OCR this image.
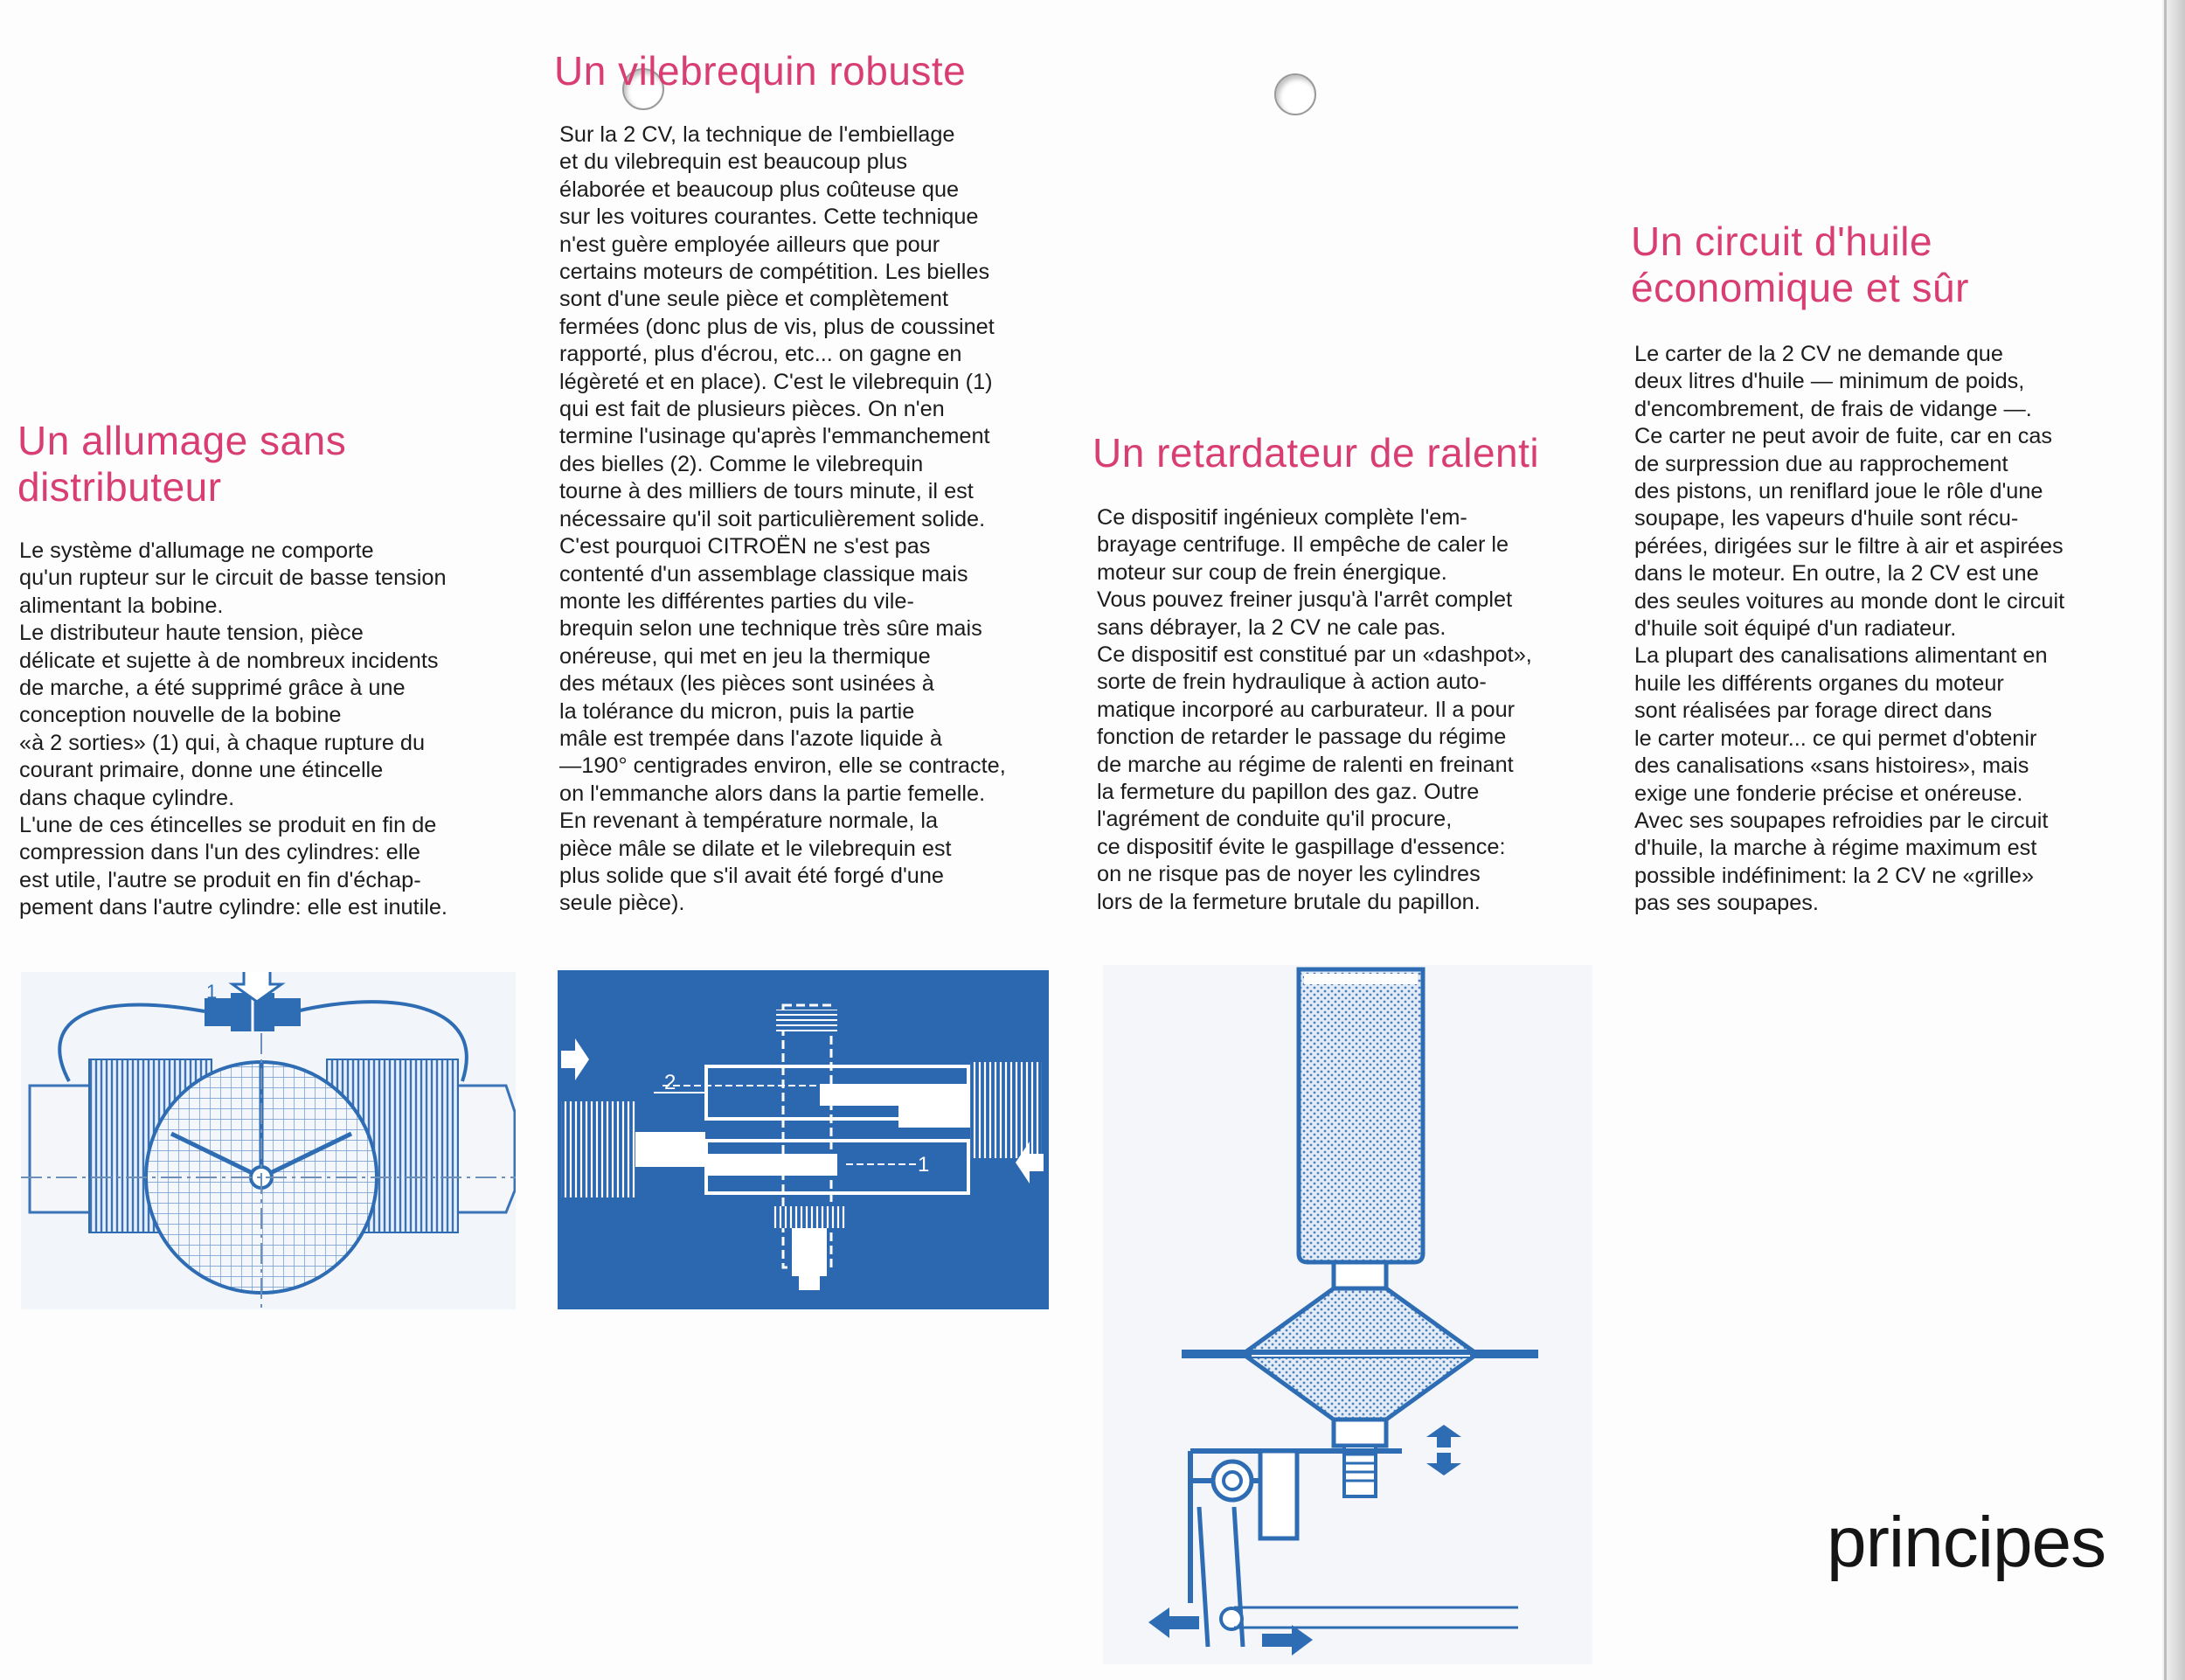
Un allumage sans
distributeur
Le système d'allumage ne comporte
qu'un rupteur sur le circuit de basse tension
alimentant la bobine.
Le distributeur haute tension, pièce
délicate et sujette à de nombreux incidents
de marche, a été supprimé grâce à une
conception nouvelle de la bobine
«à 2 sorties» (1) qui, à chaque rupture du
courant primaire, donne une étincelle
dans chaque cylindre.
L'une de ces étincelles se produit en fin de
compression dans l'un des cylindres: elle
est utile, l'autre se produit en fin d'échap-
pement dans l'autre cylindre: elle est inutile.
1
Un vilebrequin robuste
Sur la 2 CV, la technique de l'embiellage
et du vilebrequin est beaucoup plus
élaborée et beaucoup plus coûteuse que
sur les voitures courantes. Cette technique
n'est guère employée ailleurs que pour
certains moteurs de compétition. Les bielles
sont d'une seule pièce et complètement
fermées (donc plus de vis, plus de coussinet
rapporté, plus d'écrou, etc... on gagne en
légèreté et en place). C'est le vilebrequin (1)
qui est fait de plusieurs pièces. On n'en
termine l'usinage qu'après l'emmanchement
des bielles (2). Comme le vilebrequin
tourne à des milliers de tours minute, il est
nécessaire qu'il soit particulièrement solide.
C'est pourquoi CITROËN ne s'est pas
contenté d'un assemblage classique mais
monte les différentes parties du vile-
brequin selon une technique très sûre mais
onéreuse, qui met en jeu la thermique
des métaux (les pièces sont usinées à
la tolérance du micron, puis la partie
mâle est trempée dans l'azote liquide à
—190° centigrades environ, elle se contracte,
on l'emmanche alors dans la partie femelle.
En revenant à température normale, la
pièce mâle se dilate et le vilebrequin est
plus solide que s'il avait été forgé d'une
seule pièce).
2
1
Un retardateur de ralenti
Ce dispositif ingénieux complète l'em-
brayage centrifuge. Il empêche de caler le
moteur sur coup de frein énergique.
Vous pouvez freiner jusqu'à l'arrêt complet
sans débrayer, la 2 CV ne cale pas.
Ce dispositif est constitué par un «dashpot»,
sorte de frein hydraulique à action auto-
matique incorporé au carburateur. Il a pour
fonction de retarder le passage du régime
de marche au régime de ralenti en freinant
la fermeture du papillon des gaz. Outre
l'agrément de conduite qu'il procure,
ce dispositif évite le gaspillage d'essence:
on ne risque pas de noyer les cylindres
lors de la fermeture brutale du papillon.
Un circuit d'huile
économique et sûr
Le carter de la 2 CV ne demande que
deux litres d'huile — minimum de poids,
d'encombrement, de frais de vidange —.
Ce carter ne peut avoir de fuite, car en cas
de surpression due au rapprochement
des pistons, un reniflard joue le rôle d'une
soupape, les vapeurs d'huile sont récu-
pérées, dirigées sur le filtre à air et aspirées
dans le moteur. En outre, la 2 CV est une
des seules voitures au monde dont le circuit
d'huile soit équipé d'un radiateur.
La plupart des canalisations alimentant en
huile les différents organes du moteur
sont réalisées par forage direct dans
le carter moteur... ce qui permet d'obtenir
des canalisations «sans histoires», mais
exige une fonderie précise et onéreuse.
Avec ses soupapes refroidies par le circuit
d'huile, la marche à régime maximum est
possible indéfiniment: la 2 CV ne «grille»
pas ses soupapes.
principes
